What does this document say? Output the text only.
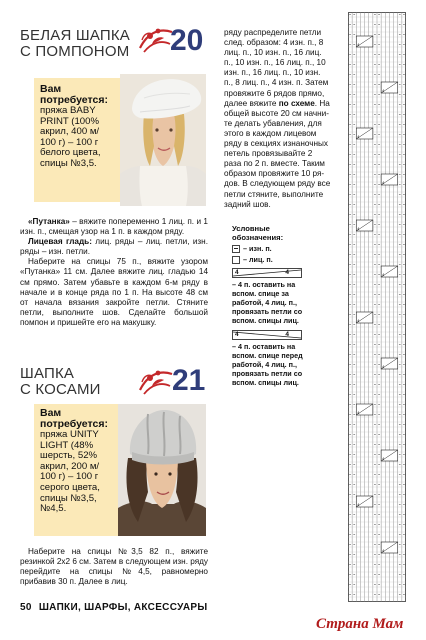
БЕЛАЯ ШАПКА
С ПОМПОНОМ 20
Вам потребуется:
пряжа BABY
PRINT (100%
акрил, 400 м/
100 г) – 100 г
белого цвета,
спицы №3,5.

«Путанка» – вяжите попеременно 1 лиц. п. и 1 изн. п., смещая узор на 1 п. в каждом ряду.

Лицевая гладь: лиц. ряды – лиц. петли, изн. ряды – изн. петли.

Наберите на спицы 75 п., вяжите узором «Путанка» 11 см. Далее вяжите лиц. гладью 14 см прямо. Затем убавьте в каждом 6-м ряду в начале и в конце ряда по 1 п. На высоте 48 см от начала вязания закройте петли. Стяните петли, выполните шов. Сделайте большой помпон и пришейте его на макушку.

ШАПКА
С КОСАМИ 21
Вам потребуется:
пряжа UNITY
LIGHT (48%
шерсть, 52%
акрил, 200 м/
100 г) – 100 г
серого цвета,
спицы №3,5,
№4,5.

Наберите на спицы №3,5 82 п., вяжите резинкой 2х2 6 см. Затем в следующем изн. ряду перейдите на спицы №4,5, равномерно прибавив 30 п. Далее в лиц.

ряду распределите петли
след. образом: 4 изн. п., 8
лиц. п., 10 изн. п., 16 лиц.
п., 10 изн. п., 16 лиц. п., 10
изн. п., 16 лиц. п., 10 изн.
п., 8 лиц. п., 4 изн. п. Затем
провяжите 6 рядов прямо,
далее вяжите по схеме. На
общей высоте 20 см начни-
те делать убавления, для
этого в каждом лицевом
ряду в секциях изнаночных
петель провязывайте 2
раза по 2 п. вместе. Таким
образом провяжите 10 ря-
дов. В следующем ряду все
петли стяните, выполните
задний шов.
Условные
обозначения:
– изн. п.
– лиц. п.
4	4
– 4 п. оставить на
вспом. спице за
работой, 4 лиц. п.,
провязать петли со
вспом. спицы лиц.
4	4
– 4 п. оставить на
вспом. спице перед
работой, 4 лиц. п.,
провязать петли со
вспом. спицы лиц.
4
4
4
4
4
4
4
4
4
4
4
4
50 ШАПКИ, ШАРФЫ, АКСЕССУАРЫ
Страна Мам
